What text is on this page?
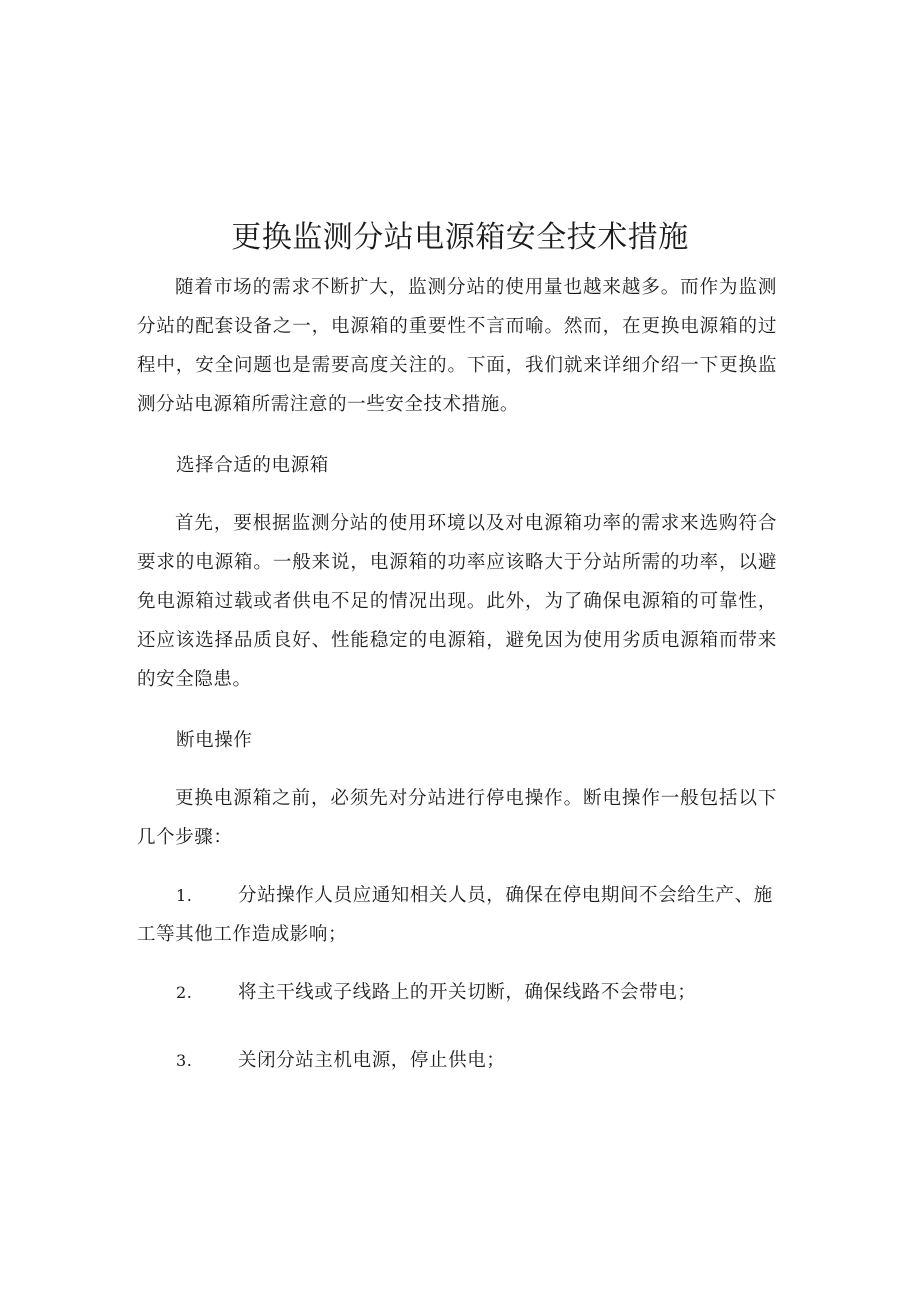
更换监测分站电源箱安全技术措施

随着市场的需求不断扩大，监测分站的使用量也越来越多。而作为监测分站的配套设备之一，电源箱的重要性不言而喻。然而，在更换电源箱的过程中，安全问题也是需要高度关注的。下面，我们就来详细介绍一下更换监测分站电源箱所需注意的一些安全技术措施。

选择合适的电源箱

首先，要根据监测分站的使用环境以及对电源箱功率的需求来选购符合要求的电源箱。一般来说，电源箱的功率应该略大于分站所需的功率，以避免电源箱过载或者供电不足的情况出现。此外，为了确保电源箱的可靠性，还应该选择品质良好、性能稳定的电源箱，避免因为使用劣质电源箱而带来的安全隐患。

断电操作

更换电源箱之前，必须先对分站进行停电操作。断电操作一般包括以下几个步骤：

1. 分站操作人员应通知相关人员，确保在停电期间不会给生产、施工等其他工作造成影响；

2. 将主干线或子线路上的开关切断，确保线路不会带电；

3. 关闭分站主机电源，停止供电；
